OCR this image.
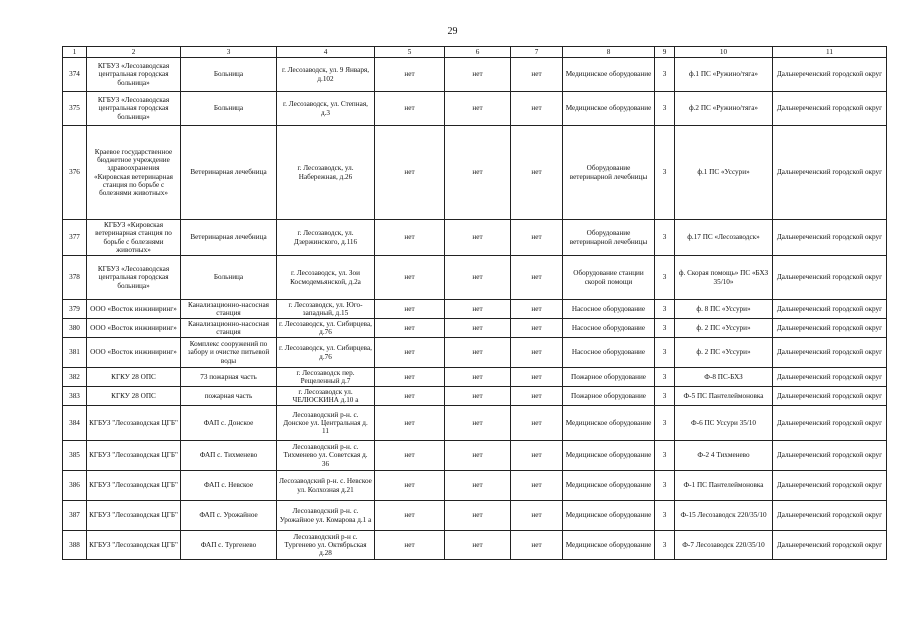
29
1	2	3	4	5	6	7	8	9	10	11
374	КГБУЗ «Лесозаводская центральная городская больница»	Больница	г. Лесозаводск, ул. 9 Января, д.102	нет	нет	нет	Медицинское оборудование	3	ф.1 ПС «Ружино/тяга»	Дальнереченский городской округ
375	КГБУЗ «Лесозаводская центральная городская больница»	Больница	г. Лесозаводск, ул. Степная, д.3	нет	нет	нет	Медицинское оборудование	3	ф.2 ПС «Ружино/тяга»	Дальнереченский городской округ
376	Краевое государственное бюджетное учреждение здравоохранения «Кировская ветеринарная станция по борьбе с болезнями животных»	Ветеринарная лечебница	г. Лесозаводск, ул. Набережная, д.26	нет	нет	нет	Оборудование ветеринарной лечебницы	3	ф.1 ПС «Уссури»	Дальнереченский городской округ
377	КГБУЗ «Кировская ветеринарная станция по борьбе с болезнями животных»	Ветеринарная лечебница	г. Лесозаводск, ул. Дзержинского, д.116	нет	нет	нет	Оборудование ветеринарной лечебницы	3	ф.17 ПС «Лесозаводск»	Дальнереченский городской округ
378	КГБУЗ «Лесозаводская центральная городская больница»	Больница	г. Лесозаводск, ул. Зои Космодемьянской, д.2а	нет	нет	нет	Оборудование станции скорой помощи	3	ф. Скорая помощь» ПС «БХЗ 35/10»	Дальнереченский городской округ
379	ООО «Восток инжиниринг»	Канализационно-насосная станция	г. Лесозаводск, ул. Юго-западный, д.15	нет	нет	нет	Насосное оборудование	3	ф. 8 ПС «Уссури»	Дальнереченский городской округ
380	ООО «Восток инжиниринг»	Канализационно-насосная станция	г. Лесозаводск, ул. Сибирцева, д.76	нет	нет	нет	Насосное оборудование	3	ф. 2 ПС «Уссури»	Дальнереченский городской округ
381	ООО «Восток инжиниринг»	Комплекс сооружений по забору и очистке питьевой воды	г. Лесозаводск, ул. Сибирцева, д.76	нет	нет	нет	Насосное оборудование	3	ф. 2 ПС «Уссури»	Дальнереченский городской округ
382	КГКУ 28 ОПС	73 пожарная часть	г. Лесозаводск пер. Рещеленный д.7	нет	нет	нет	Пожарное оборудование	3	Ф-8 ПС-БХЗ	Дальнереченский городской округ
383	КГКУ 28 ОПС	пожарная часть	г. Лесозаводск ул. ЧЕЛЮСКИНА д.10 а	нет	нет	нет	Пожарное оборудование	3	Ф-5 ПС Пантелеймоновка	Дальнереченский городской округ
384	КГБУЗ "Лесозаводская ЦГБ"	ФАП с. Донское	Лесозаводский р-н. с. Донское ул. Центральная д. 11	нет	нет	нет	Медицинское оборудование	3	Ф-6 ПС Уссури 35/10	Дальнереченский городской округ
385	КГБУЗ "Лесозаводская ЦГБ"	ФАП с. Тихменево	Лесозаводский р-н. с. Тихменево ул. Советская д. 36	нет	нет	нет	Медицинское оборудование	3	Ф-2 4 Тихменево	Дальнереченский городской округ
386	КГБУЗ "Лесозаводская ЦГБ"	ФАП с. Невское	Лесозаводский р-н. с. Невское ул. Колхозная д.21	нет	нет	нет	Медицинское оборудование	3	Ф-1 ПС Пантелеймоновка	Дальнереченский городской округ
387	КГБУЗ "Лесозаводская ЦГБ"	ФАП с. Урожайное	Лесозаводский р-н. с. Урожайное ул. Комарова д.1 а	нет	нет	нет	Медицинское оборудование	3	Ф-15 Лесозаводск 220/35/10	Дальнереченский городской округ
388	КГБУЗ "Лесозаводская ЦГБ"	ФАП с. Тургенево	Лесозаводский р-н с. Тургенево ул. Октябрьская д.28	нет	нет	нет	Медицинское оборудование	3	Ф-7 Лесозаводск 220/35/10	Дальнереченский городской округ
